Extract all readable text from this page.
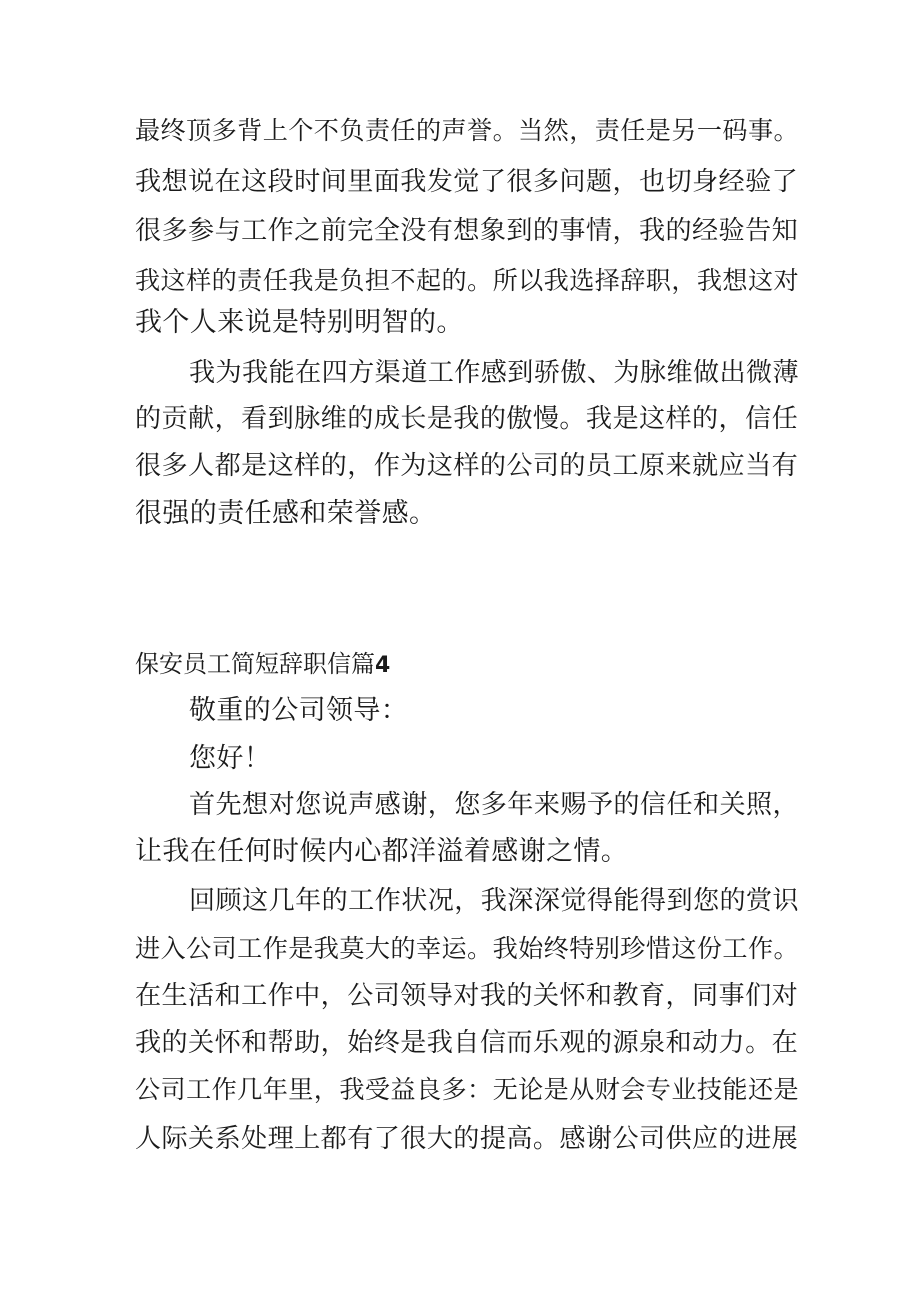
最终顶多背上个不负责任的声誉。当然，责任是另一码事。
我想说在这段时间里面我发觉了很多问题，也切身经验了
很多参与工作之前完全没有想象到的事情，我的经验告知
我这样的责任我是负担不起的。所以我选择辞职，我想这对
我个人来说是特别明智的。
我为我能在四方渠道工作感到骄傲、为脉维做出微薄
的贡献，看到脉维的成长是我的傲慢。我是这样的，信任
很多人都是这样的，作为这样的公司的员工原来就应当有
很强的责任感和荣誉感。
保安员工简短辞职信篇4
敬重的公司领导：
您好！
首先想对您说声感谢，您多年来赐予的信任和关照，
让我在任何时候内心都洋溢着感谢之情。
回顾这几年的工作状况，我深深觉得能得到您的赏识
进入公司工作是我莫大的幸运。我始终特别珍惜这份工作。
在生活和工作中，公司领导对我的关怀和教育，同事们对
我的关怀和帮助，始终是我自信而乐观的源泉和动力。在
公司工作几年里，我受益良多：无论是从财会专业技能还是
人际关系处理上都有了很大的提高。感谢公司供应的进展
